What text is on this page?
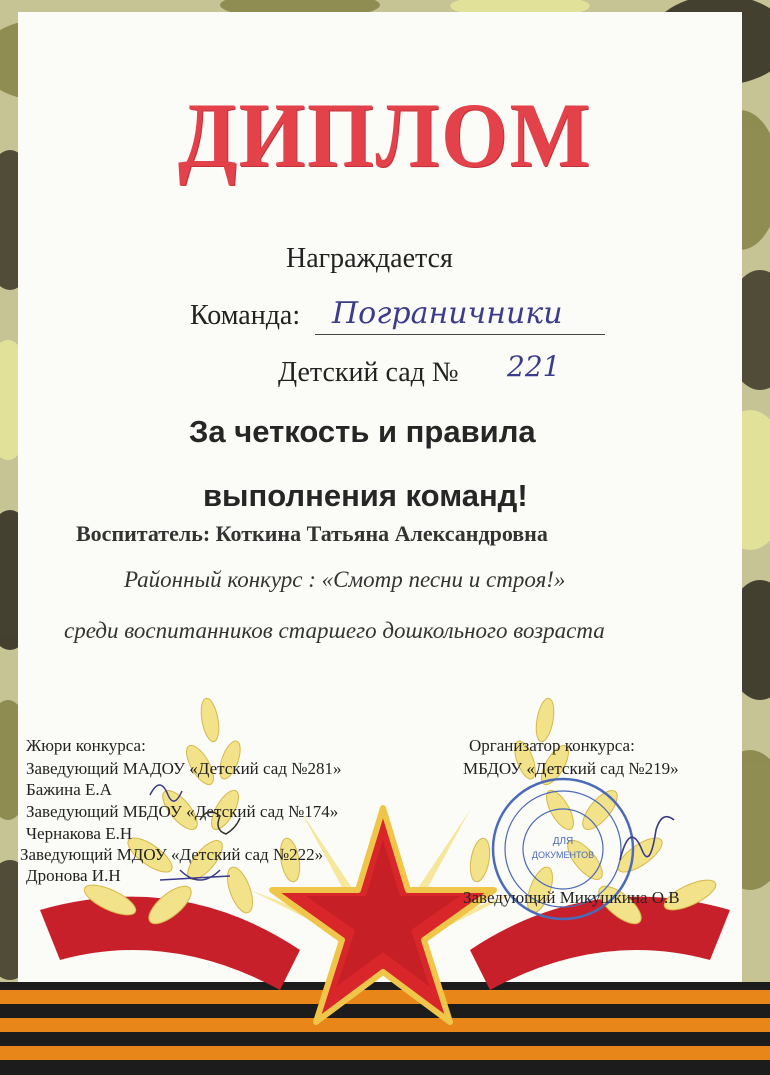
ДИПЛОМ
Награждается
Команда: Пограничники
Детский сад № 221
За четкость и правила
выполнения команд!
Воспитатель: Коткина Татьяна Александровна
Районный конкурс : «Смотр песни и строя!»
среди воспитанников старшего дошкольного возраста
Жюри конкурса:
Заведующий МАДОУ «Детский сад №281»
Бажина Е.А
Заведующий МБДОУ «Детский сад №174»
Чернакова Е.Н
Заведующий МДОУ «Детский сад №222»
Дронова И.Н
Организатор конкурса:
МБДОУ «Детский сад №219»
ДЛЯ
ДОКУМЕНТОВ
Заведующий Микушкина О.В
